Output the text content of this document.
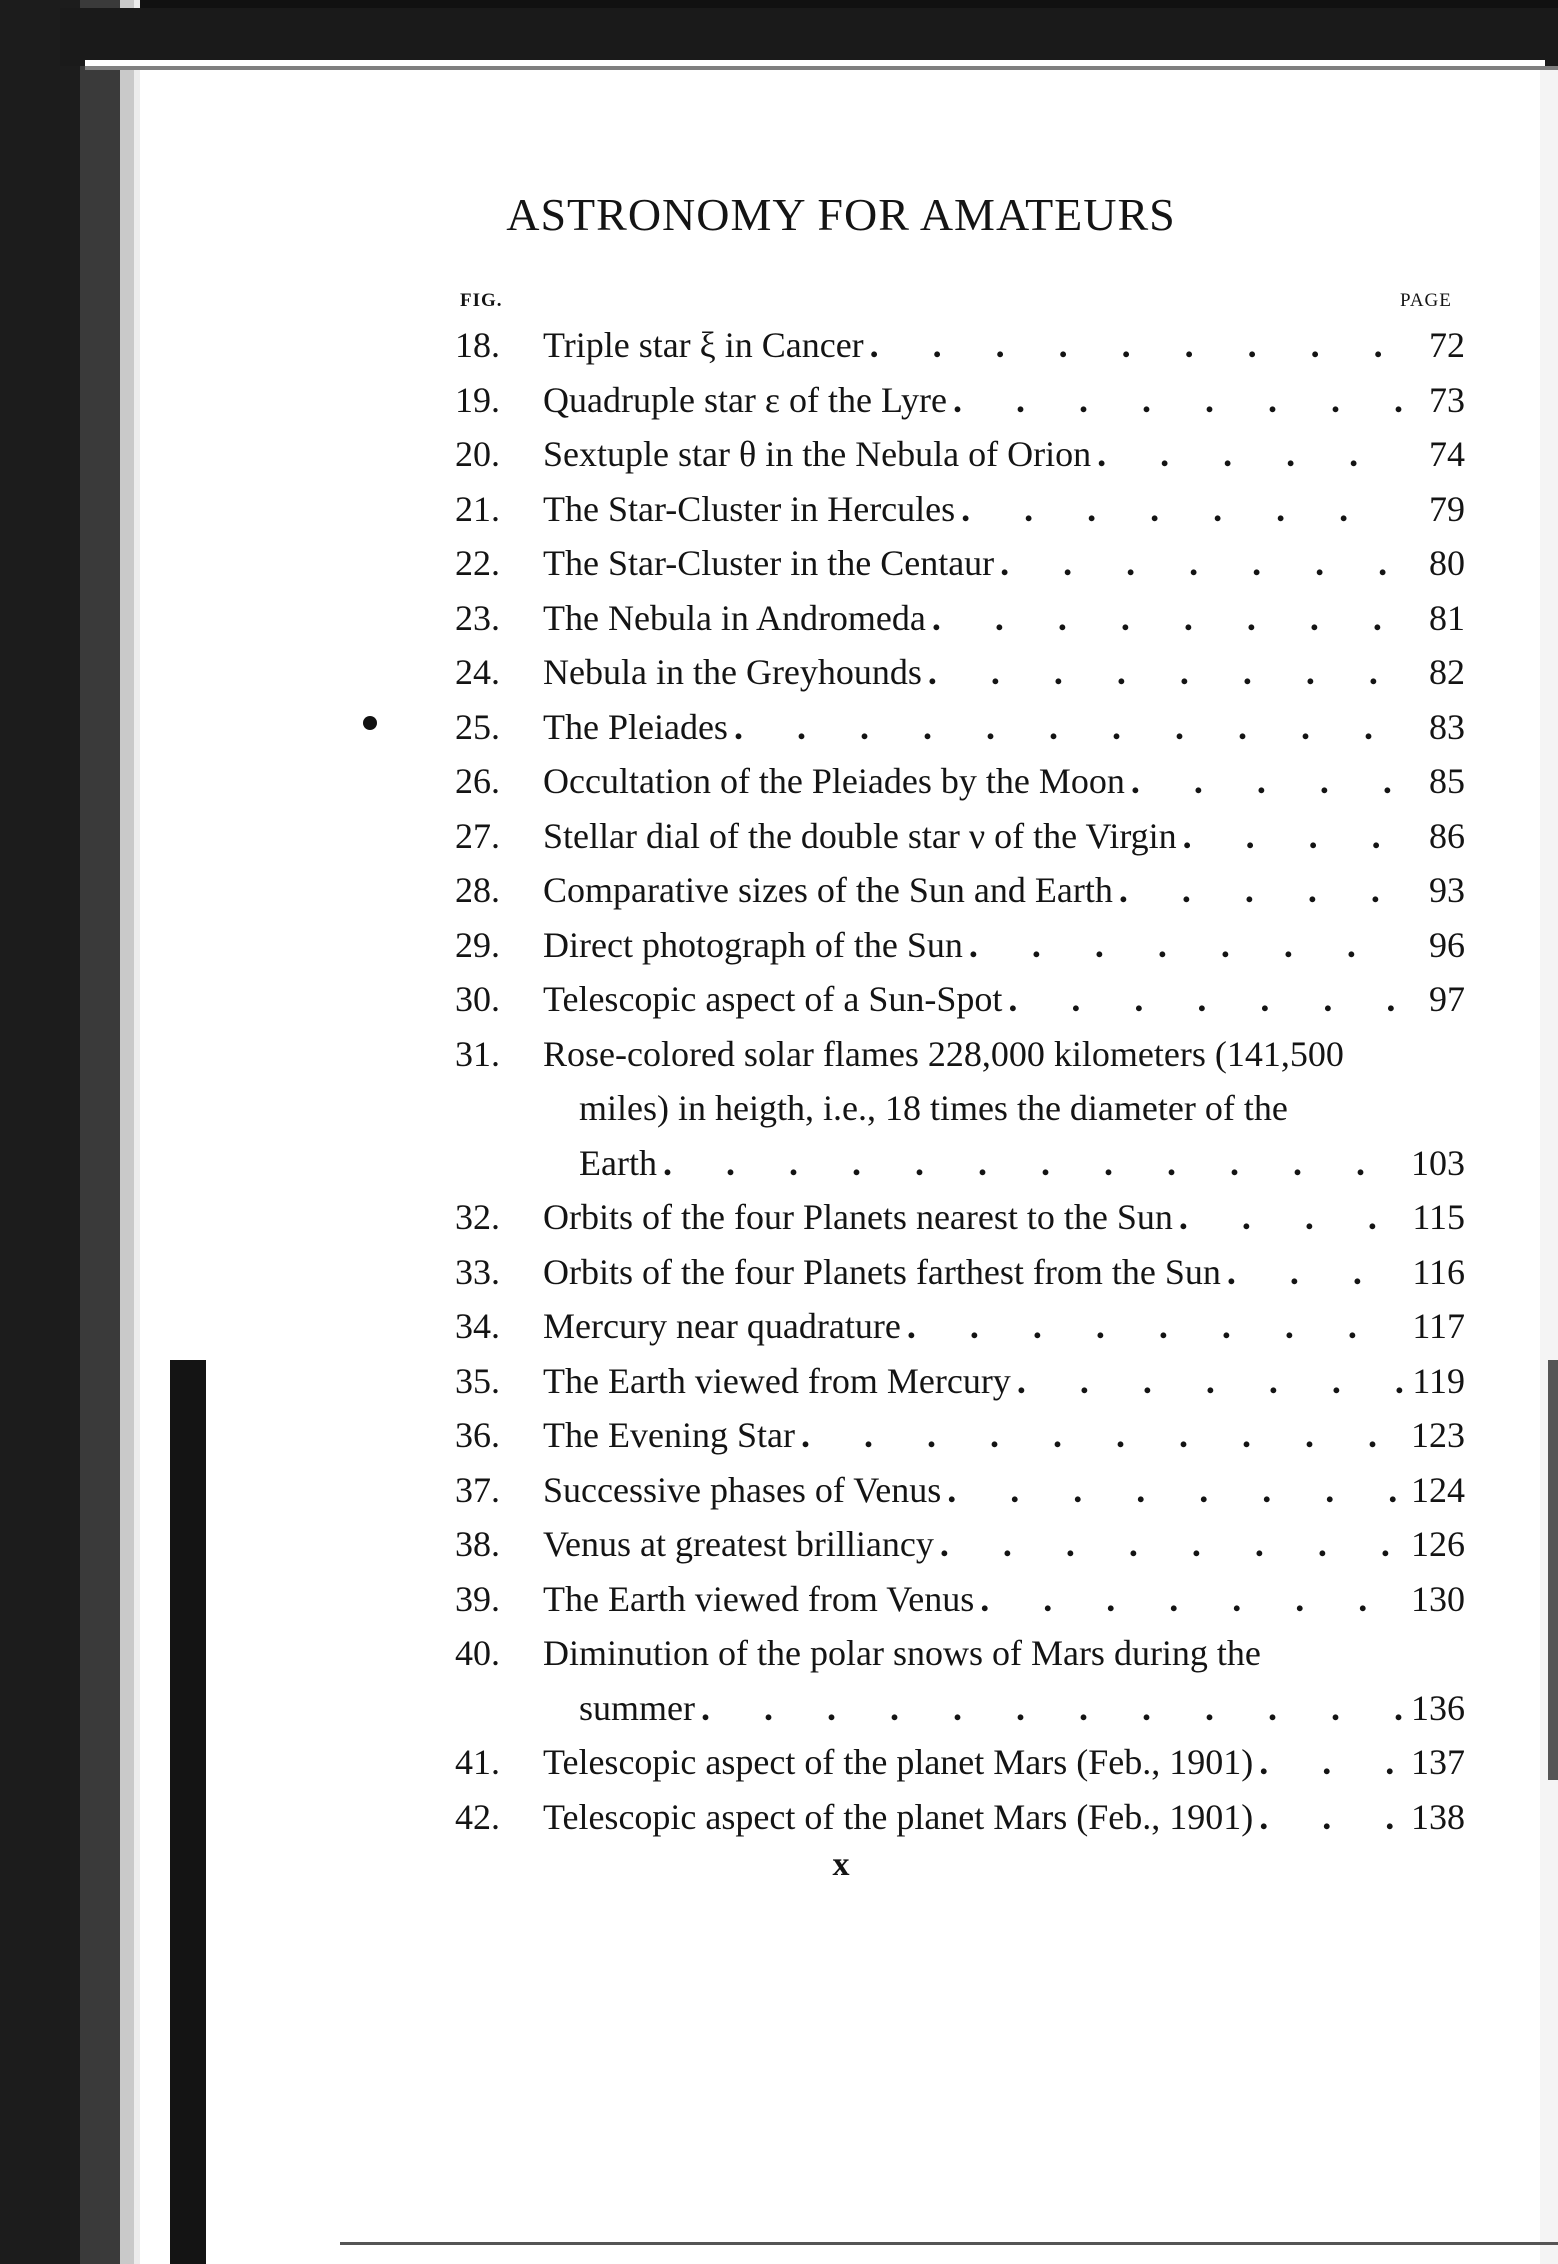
ASTRONOMY FOR AMATEURS
FIG.	PAGE
18. Triple star ξ in Cancer .	72
19. Quadruple star ε of the Lyre .	73
20. Sextuple star θ in the Nebula of Orion .	74
21. The Star-Cluster in Hercules .	79
22. The Star-Cluster in the Centaur .	80
23. The Nebula in Andromeda .	81
24. Nebula in the Greyhounds .	82
25. The Pleiades .	83
26. Occultation of the Pleiades by the Moon .	85
27. Stellar dial of the double star ν of the Virgin .	86
28. Comparative sizes of the Sun and Earth .	93
29. Direct photograph of the Sun .	96
30. Telescopic aspect of a Sun-Spot .	97
31. Rose-colored solar flames 228,000 kilometers (141,500
miles) in heigth, i.e., 18 times the diameter of the
Earth .	103
32. Orbits of the four Planets nearest to the Sun .	115
33. Orbits of the four Planets farthest from the Sun .	116
34. Mercury near quadrature .	117
35. The Earth viewed from Mercury .	119
36. The Evening Star .	123
37. Successive phases of Venus .	124
38. Venus at greatest brilliancy .	126
39. The Earth viewed from Venus .	130
40. Diminution of the polar snows of Mars during the
summer .	136
41. Telescopic aspect of the planet Mars (Feb., 1901) .	137
42. Telescopic aspect of the planet Mars (Feb., 1901) .	138
x
